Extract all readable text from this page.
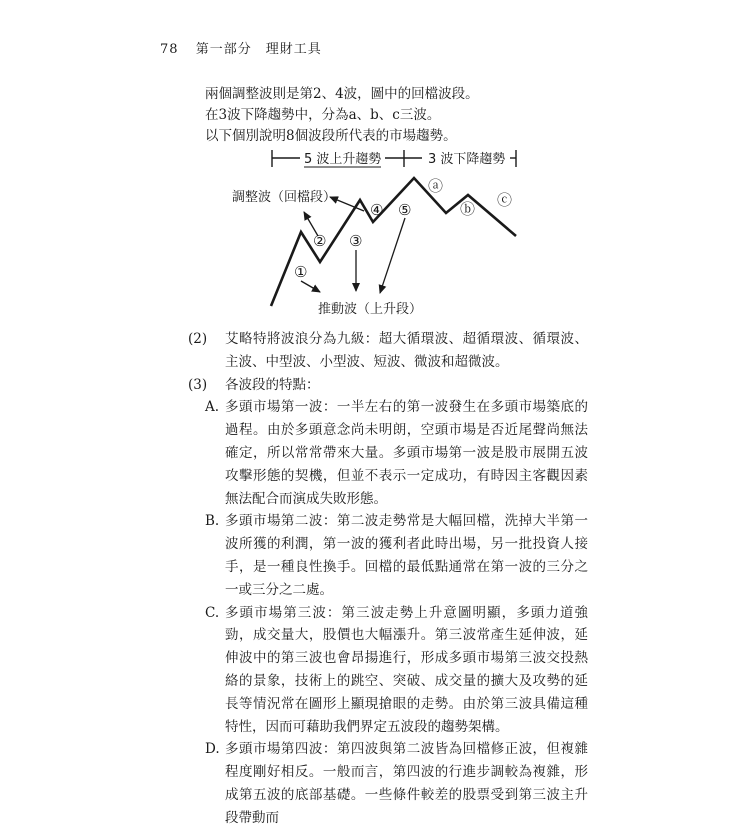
78 第一部分　理財工具
兩個調整波則是第2、4波，圖中的回檔波段。
在3波下降趨勢中，分為a、b、c三波。
以下個別說明8個波段所代表的市場趨勢。
5 波上升趨勢	3 波下降趨勢
①
② ③
④ ⑤
ⓐ
ⓑ ⓒ
調整波（回檔段）
推動波（上升段）
(2)	艾略特將波浪分為九級：超大循環波、超循環波、循環波、主波、中型波、小型波、短波、微波和超微波。
(3)	各波段的特點：
A. 多頭市場第一波：一半左右的第一波發生在多頭市場築底的過程。由於多頭意念尚未明朗，空頭市場是否近尾聲尚無法確定，所以常常帶來大量。多頭市場第一波是股市展開五波攻擊形態的契機，但並不表示一定成功，有時因主客觀因素無法配合而演成失敗形態。
B. 多頭市場第二波：第二波走勢常是大幅回檔，洗掉大半第一波所獲的利潤，第一波的獲利者此時出場，另一批投資人接手，是一種良性換手。回檔的最低點通常在第一波的三分之一或三分之二處。
C. 多頭市場第三波：第三波走勢上升意圖明顯，多頭力道強勁，成交量大，股價也大幅漲升。第三波常產生延伸波，延伸波中的第三波也會昂揚進行，形成多頭市場第三波交投熱絡的景象，技術上的跳空、突破、成交量的擴大及攻勢的延長等情況常在圖形上顯現搶眼的走勢。由於第三波具備這種特性，因而可藉助我們界定五波段的趨勢架構。
D. 多頭市場第四波：第四波與第二波皆為回檔修正波，但複雜程度剛好相反。一般而言，第四波的行進步調較為複雜，形成第五波的底部基礎。一些條件較差的股票受到第三波主升段帶動而
